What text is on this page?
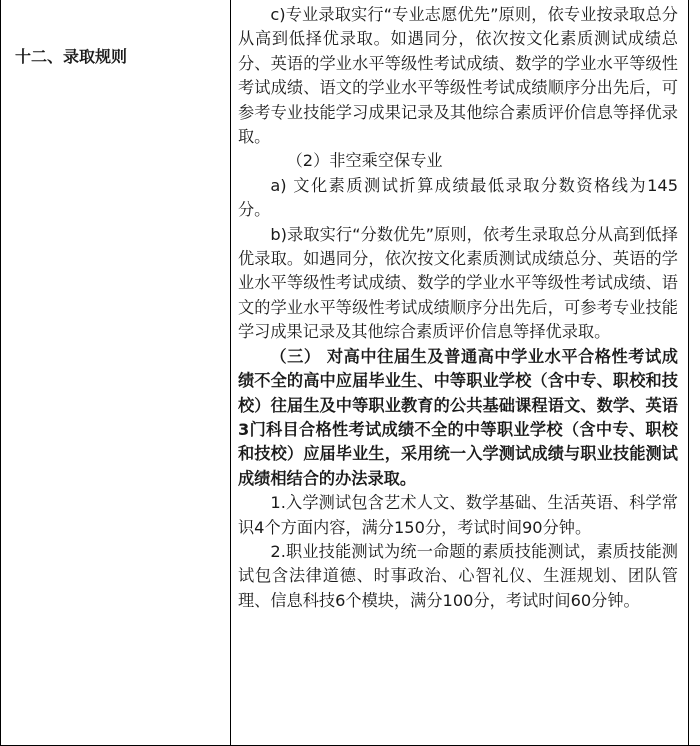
十二、录取规则

c)专业录取实行“专业志愿优先”原则，依专业按录取总分从高到低择优录取。如遇同分，依次按文化素质测试成绩总分、英语的学业水平等级性考试成绩、数学的学业水平等级性考试成绩、语文的学业水平等级性考试成绩顺序分出先后，可参考专业技能学习成果记录及其他综合素质评价信息等择优录取。

（2）非空乘空保专业

a) 文化素质测试折算成绩最低录取分数资格线为145分。

b)录取实行“分数优先”原则，依考生录取总分从高到低择优录取。如遇同分，依次按文化素质测试成绩总分、英语的学业水平等级性考试成绩、数学的学业水平等级性考试成绩、语文的学业水平等级性考试成绩顺序分出先后，可参考专业技能学习成果记录及其他综合素质评价信息等择优录取。

（三） 对高中往届生及普通高中学业水平合格性考试成绩不全的高中应届毕业生、中等职业学校（含中专、职校和技校）往届生及中等职业教育的公共基础课程语文、数学、英语3门科目合格性考试成绩不全的中等职业学校（含中专、职校和技校）应届毕业生，采用统一入学测试成绩与职业技能测试成绩相结合的办法录取。

1.入学测试包含艺术人文、数学基础、生活英语、科学常识4个方面内容，满分150分，考试时间90分钟。

2.职业技能测试为统一命题的素质技能测试，素质技能测试包含法律道德、时事政治、心智礼仪、生涯规划、团队管理、信息科技6个模块，满分100分，考试时间60分钟。
